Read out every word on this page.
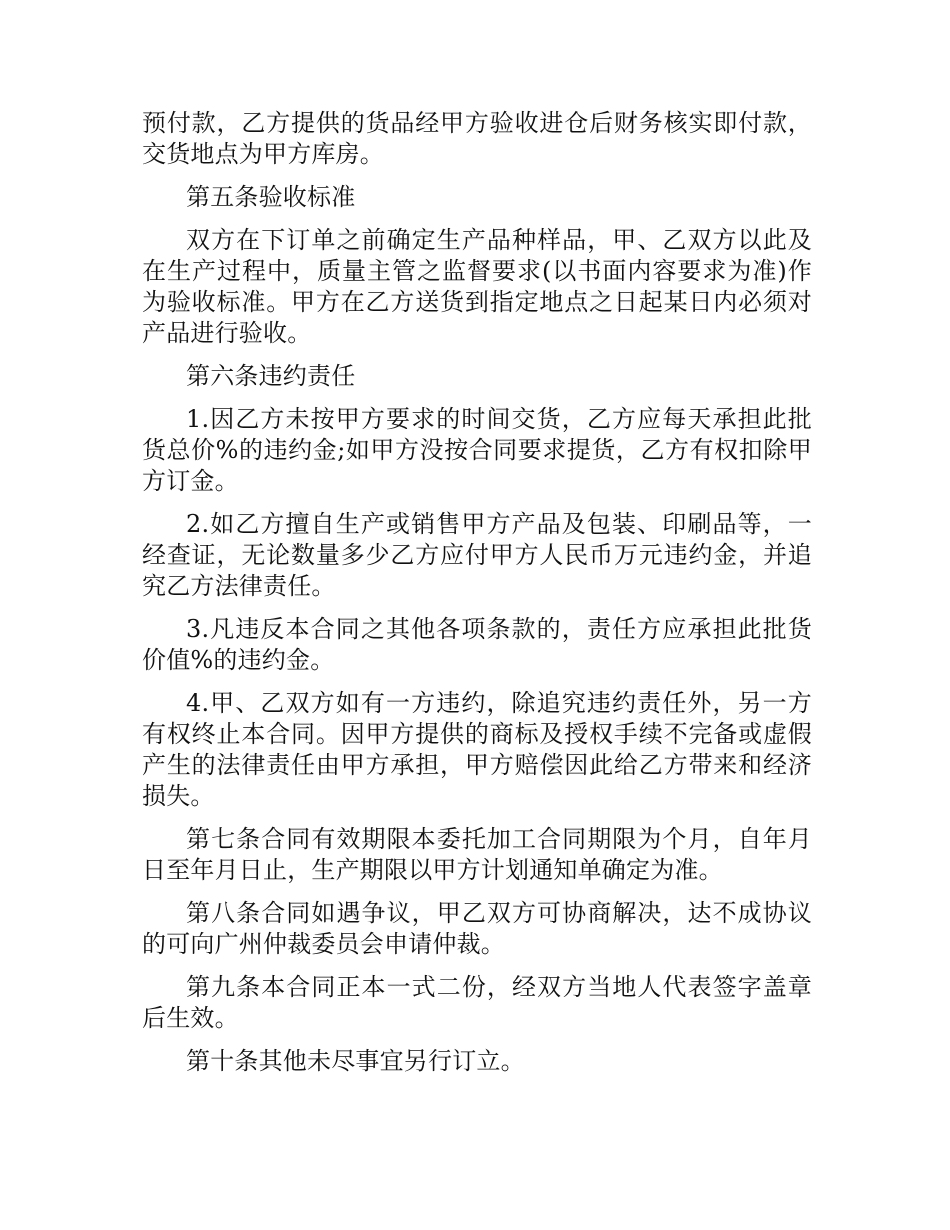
预付款，乙方提供的货品经甲方验收进仓后财务核实即付款，交货地点为甲方库房。

第五条验收标准

双方在下订单之前确定生产品种样品，甲、乙双方以此及在生产过程中，质量主管之监督要求(以书面内容要求为准)作为验收标准。甲方在乙方送货到指定地点之日起某日内必须对产品进行验收。

第六条违约责任

1.因乙方未按甲方要求的时间交货，乙方应每天承担此批货总价%的违约金;如甲方没按合同要求提货，乙方有权扣除甲方订金。

2.如乙方擅自生产或销售甲方产品及包装、印刷品等，一经查证，无论数量多少乙方应付甲方人民币万元违约金，并追究乙方法律责任。

3.凡违反本合同之其他各项条款的，责任方应承担此批货价值%的违约金。

4.甲、乙双方如有一方违约，除追究违约责任外，另一方有权终止本合同。因甲方提供的商标及授权手续不完备或虚假产生的法律责任由甲方承担，甲方赔偿因此给乙方带来和经济损失。

第七条合同有效期限本委托加工合同期限为个月，自年月日至年月日止，生产期限以甲方计划通知单确定为准。

第八条合同如遇争议，甲乙双方可协商解决，达不成协议的可向广州仲裁委员会申请仲裁。

第九条本合同正本一式二份，经双方当地人代表签字盖章后生效。

第十条其他未尽事宜另行订立。
